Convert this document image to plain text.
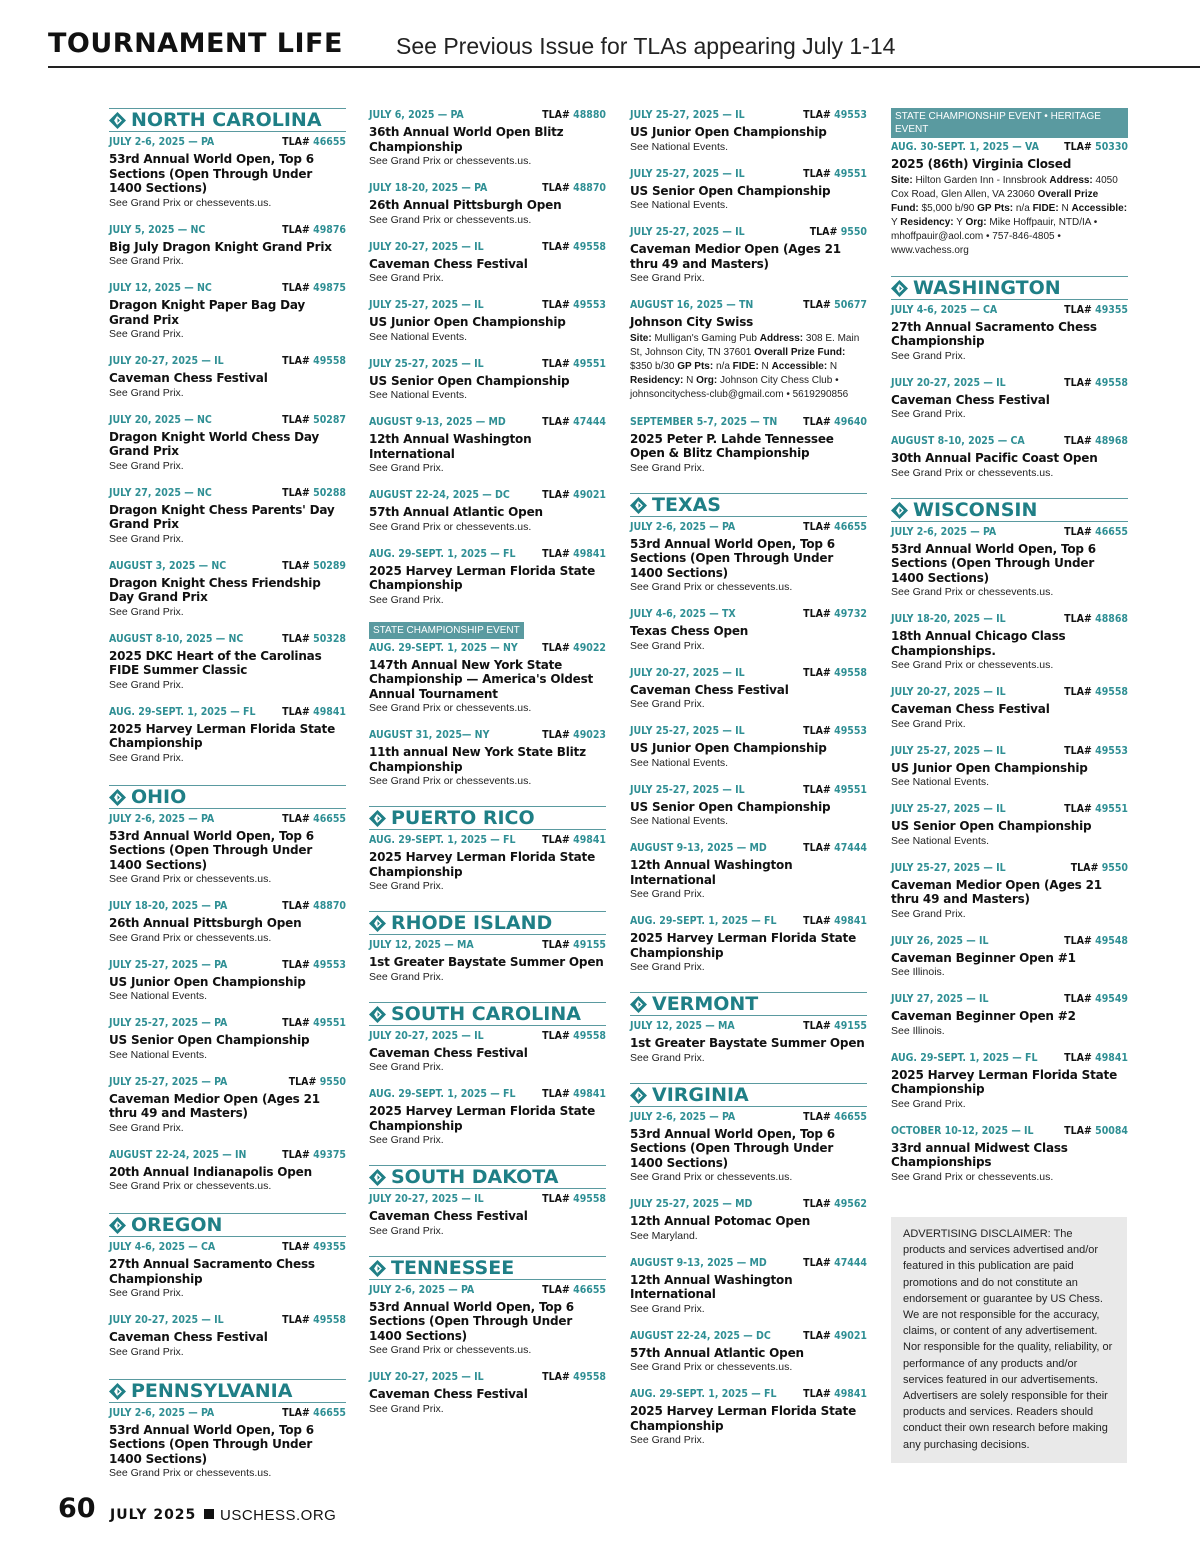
TOURNAMENT LIFE See Previous Issue for TLAs appearing July 1-14
NORTH CAROLINA
JULY 2-6, 2025 — PA	TLA# 46655
53rd Annual World Open, Top 6 Sections (Open Through Under 1400 Sections)
See Grand Prix or chessevents.us.
JULY 5, 2025 — NC	TLA# 49876
Big July Dragon Knight Grand Prix
See Grand Prix.
JULY 12, 2025 — NC	TLA# 49875
Dragon Knight Paper Bag Day Grand Prix
See Grand Prix.
JULY 20-27, 2025 — IL	TLA# 49558
Caveman Chess Festival
See Grand Prix.
JULY 20, 2025 — NC	TLA# 50287
Dragon Knight World Chess Day Grand Prix
See Grand Prix.
JULY 27, 2025 — NC	TLA# 50288
Dragon Knight Chess Parents' Day Grand Prix
See Grand Prix.
AUGUST 3, 2025 — NC	TLA# 50289
Dragon Knight Chess Friendship Day Grand Prix
See Grand Prix.
AUGUST 8-10, 2025 — NC	TLA# 50328
2025 DKC Heart of the Carolinas FIDE Summer Classic
See Grand Prix.
AUG. 29-SEPT. 1, 2025 — FL	TLA# 49841
2025 Harvey Lerman Florida State Championship
See Grand Prix.
OHIO
JULY 2-6, 2025 — PA	TLA# 46655
53rd Annual World Open, Top 6 Sections (Open Through Under 1400 Sections)
See Grand Prix or chessevents.us.
JULY 18-20, 2025 — PA	TLA# 48870
26th Annual Pittsburgh Open
See Grand Prix or chessevents.us.
JULY 25-27, 2025 — PA	TLA# 49553
US Junior Open Championship
See National Events.
JULY 25-27, 2025 — PA	TLA# 49551
US Senior Open Championship
See National Events.
JULY 25-27, 2025 — PA	TLA# 9550
Caveman Medior Open (Ages 21 thru 49 and Masters)
See Grand Prix.
AUGUST 22-24, 2025 — IN	TLA# 49375
20th Annual Indianapolis Open
See Grand Prix or chessevents.us.
OREGON
JULY 4-6, 2025 — CA	TLA# 49355
27th Annual Sacramento Chess Championship
See Grand Prix.
JULY 20-27, 2025 — IL	TLA# 49558
Caveman Chess Festival
See Grand Prix.
PENNSYLVANIA
JULY 2-6, 2025 — PA	TLA# 46655
53rd Annual World Open, Top 6 Sections (Open Through Under 1400 Sections)
See Grand Prix or chessevents.us.
JULY 6, 2025 — PA	TLA# 48880
36th Annual World Open Blitz Championship
See Grand Prix or chessevents.us.
JULY 18-20, 2025 — PA	TLA# 48870
26th Annual Pittsburgh Open
See Grand Prix or chessevents.us.
JULY 20-27, 2025 — IL	TLA# 49558
Caveman Chess Festival
See Grand Prix.
JULY 25-27, 2025 — IL	TLA# 49553
US Junior Open Championship
See National Events.
JULY 25-27, 2025 — IL	TLA# 49551
US Senior Open Championship
See National Events.
AUGUST 9-13, 2025 — MD	TLA# 47444
12th Annual Washington International
See Grand Prix.
AUGUST 22-24, 2025 — DC	TLA# 49021
57th Annual Atlantic Open
See Grand Prix or chessevents.us.
AUG. 29-SEPT. 1, 2025 — FL	TLA# 49841
2025 Harvey Lerman Florida State Championship
See Grand Prix.
STATE CHAMPIONSHIP EVENT
AUG. 29-SEPT. 1, 2025 — NY TLA# 49022
147th Annual New York State Championship — America's Oldest Annual Tournament
See Grand Prix or chessevents.us.
AUGUST 31, 2025— NY	TLA# 49023
11th annual New York State Blitz Championship
See Grand Prix or chessevents.us.
PUERTO RICO
AUG. 29-SEPT. 1, 2025 — FL	TLA# 49841
2025 Harvey Lerman Florida State Championship
See Grand Prix.
RHODE ISLAND
JULY 12, 2025 — MA	TLA# 49155
1st Greater Baystate Summer Open
See Grand Prix.
SOUTH CAROLINA
JULY 20-27, 2025 — IL	TLA# 49558
Caveman Chess Festival
See Grand Prix.
AUG. 29-SEPT. 1, 2025 — FL	TLA# 49841
2025 Harvey Lerman Florida State Championship
See Grand Prix.
SOUTH DAKOTA
JULY 20-27, 2025 — IL	TLA# 49558
Caveman Chess Festival
See Grand Prix.
TENNESSEE
JULY 2-6, 2025 — PA	TLA# 46655
53rd Annual World Open, Top 6 Sections (Open Through Under 1400 Sections)
See Grand Prix or chessevents.us.
JULY 20-27, 2025 — IL	TLA# 49558
Caveman Chess Festival
See Grand Prix.
JULY 25-27, 2025 — IL	TLA# 49553
US Junior Open Championship
See National Events.
JULY 25-27, 2025 — IL	TLA# 49551
US Senior Open Championship
See National Events.
JULY 25-27, 2025 — IL	TLA# 9550
Caveman Medior Open (Ages 21 thru 49 and Masters)
See Grand Prix.
AUGUST 16, 2025 — TN	TLA# 50677
Johnson City Swiss
Site: Mulligan's Gaming Pub Address: 308 E. Main St, Johnson City, TN 37601 Overall Prize Fund: $350 b/30 GP Pts: n/a FIDE: N Accessible: N Residency: N Org: Johnson City Chess Club • johnsoncitychess-club@gmail.com • 5619290856
SEPTEMBER 5-7, 2025 — TN TLA# 49640
2025 Peter P. Lahde Tennessee Open & Blitz Championship
See Grand Prix.
TEXAS
JULY 2-6, 2025 — PA	TLA# 46655
53rd Annual World Open, Top 6 Sections (Open Through Under 1400 Sections)
See Grand Prix or chessevents.us.
JULY 4-6, 2025 — TX	TLA# 49732
Texas Chess Open
See Grand Prix.
JULY 20-27, 2025 — IL	TLA# 49558
Caveman Chess Festival
See Grand Prix.
JULY 25-27, 2025 — IL	TLA# 49553
US Junior Open Championship
See National Events.
JULY 25-27, 2025 — IL	TLA# 49551
US Senior Open Championship
See National Events.
AUGUST 9-13, 2025 — MD	TLA# 47444
12th Annual Washington International
See Grand Prix.
AUG. 29-SEPT. 1, 2025 — FL	TLA# 49841
2025 Harvey Lerman Florida State Championship
See Grand Prix.
VERMONT
JULY 12, 2025 — MA	TLA# 49155
1st Greater Baystate Summer Open
See Grand Prix.
VIRGINIA
JULY 2-6, 2025 — PA	TLA# 46655
53rd Annual World Open, Top 6 Sections (Open Through Under 1400 Sections)
See Grand Prix or chessevents.us.
JULY 25-27, 2025 — MD	TLA# 49562
12th Annual Potomac Open
See Maryland.
AUGUST 9-13, 2025 — MD	TLA# 47444
12th Annual Washington International
See Grand Prix.
AUGUST 22-24, 2025 — DC	TLA# 49021
57th Annual Atlantic Open
See Grand Prix or chessevents.us.
AUG. 29-SEPT. 1, 2025 — FL	TLA# 49841
2025 Harvey Lerman Florida State Championship
See Grand Prix.
STATE CHAMPIONSHIP EVENT • HERITAGE EVENT
AUG. 30-SEPT. 1, 2025 — VA TLA# 50330
2025 (86th) Virginia Closed
Site: Hilton Garden Inn - Innsbrook Address: 4050 Cox Road, Glen Allen, VA 23060 Overall Prize Fund: $5,000 b/90 GP Pts: n/a FIDE: N Accessible: Y Residency: Y Org: Mike Hoffpauir, NTD/IA • mhoffpauir@aol.com • 757-846-4805 • www.vachess.org
WASHINGTON
JULY 4-6, 2025 — CA	TLA# 49355
27th Annual Sacramento Chess Championship
See Grand Prix.
JULY 20-27, 2025 — IL	TLA# 49558
Caveman Chess Festival
See Grand Prix.
AUGUST 8-10, 2025 — CA	TLA# 48968
30th Annual Pacific Coast Open
See Grand Prix or chessevents.us.
WISCONSIN
JULY 2-6, 2025 — PA	TLA# 46655
53rd Annual World Open, Top 6 Sections (Open Through Under 1400 Sections)
See Grand Prix or chessevents.us.
JULY 18-20, 2025 — IL	TLA# 48868
18th Annual Chicago Class Championships.
See Grand Prix or chessevents.us.
JULY 20-27, 2025 — IL	TLA# 49558
Caveman Chess Festival
See Grand Prix.
JULY 25-27, 2025 — IL	TLA# 49553
US Junior Open Championship
See National Events.
JULY 25-27, 2025 — IL	TLA# 49551
US Senior Open Championship
See National Events.
JULY 25-27, 2025 — IL	TLA# 9550
Caveman Medior Open (Ages 21 thru 49 and Masters)
See Grand Prix.
JULY 26, 2025 — IL	TLA# 49548
Caveman Beginner Open #1
See Illinois.
JULY 27, 2025 — IL	TLA# 49549
Caveman Beginner Open #2
See Illinois.
AUG. 29-SEPT. 1, 2025 — FL	TLA# 49841
2025 Harvey Lerman Florida State Championship
See Grand Prix.
OCTOBER 10-12, 2025 — IL	TLA# 50084
33rd annual Midwest Class Championships
See Grand Prix or chessevents.us.
ADVERTISING DISCLAIMER: The products and services advertised and/or featured in this publication are paid promotions and do not constitute an endorsement or guarantee by US Chess. We are not responsible for the accuracy, claims, or content of any advertisement. Nor responsible for the quality, reliability, or performance of any products and/or services featured in our advertisements. Advertisers are solely responsible for their products and services. Readers should conduct their own research before making any purchasing decisions.
60 JULY 2025 USCHESS.ORG
